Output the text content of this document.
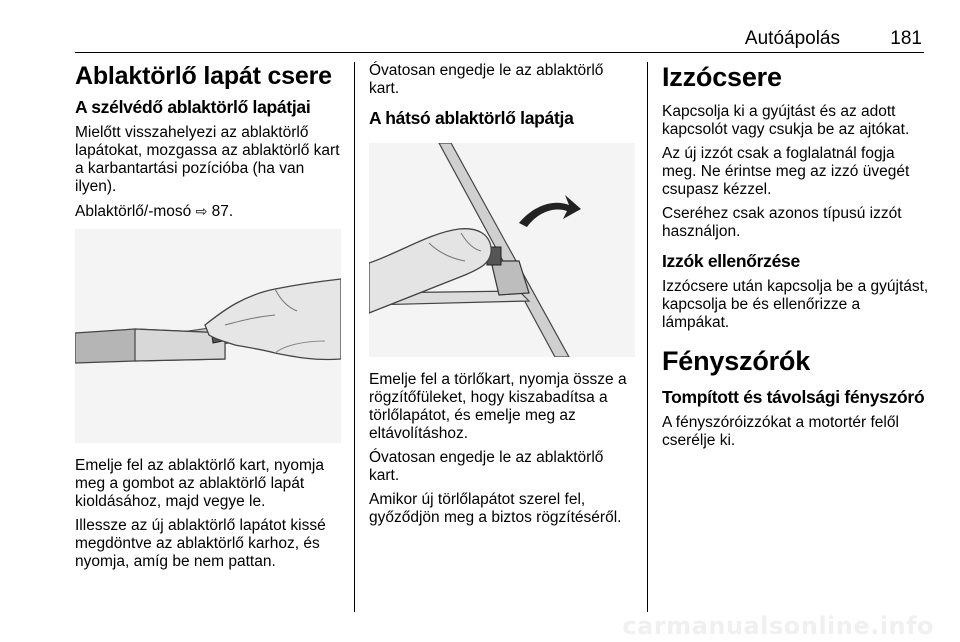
Autóápolás	181
Ablaktörlő lapát csere
A szélvédő ablaktörlő lapátjai

Mielőtt visszahelyezi az ablaktörlő lapátokat, mozgassa az ablaktörlő kart a karbantartási pozícióba (ha van ilyen).

Ablaktörlő/-mosó ⇨ 87.

Emelje fel az ablaktörlő kart, nyomja meg a gombot az ablaktörlő lapát kioldásához, majd vegye le.

Illessze az új ablaktörlő lapátot kissé megdöntve az ablaktörlő karhoz, és nyomja, amíg be nem pattan.

Óvatosan engedje le az ablaktörlő kart.

A hátsó ablaktörlő lapátja

Emelje fel a törlőkart, nyomja össze a rögzítőfüleket, hogy kiszabadítsa a törlőlapátot, és emelje meg az eltávolításhoz.

Óvatosan engedje le az ablaktörlő kart.

Amikor új törlőlapátot szerel fel, győződjön meg a biztos rögzítéséről.

Izzócsere

Kapcsolja ki a gyújtást és az adott kapcsolót vagy csukja be az ajtókat.

Az új izzót csak a foglalatnál fogja meg. Ne érintse meg az izzó üvegét csupasz kézzel.

Cseréhez csak azonos típusú izzót használjon.

Izzók ellenőrzése

Izzócsere után kapcsolja be a gyújtást, kapcsolja be és ellenőrizze a lámpákat.

Fényszórók
Tompított és távolsági fényszóró

A fényszóróizzókat a motortér felől cserélje ki.

carmanualsonline.info
